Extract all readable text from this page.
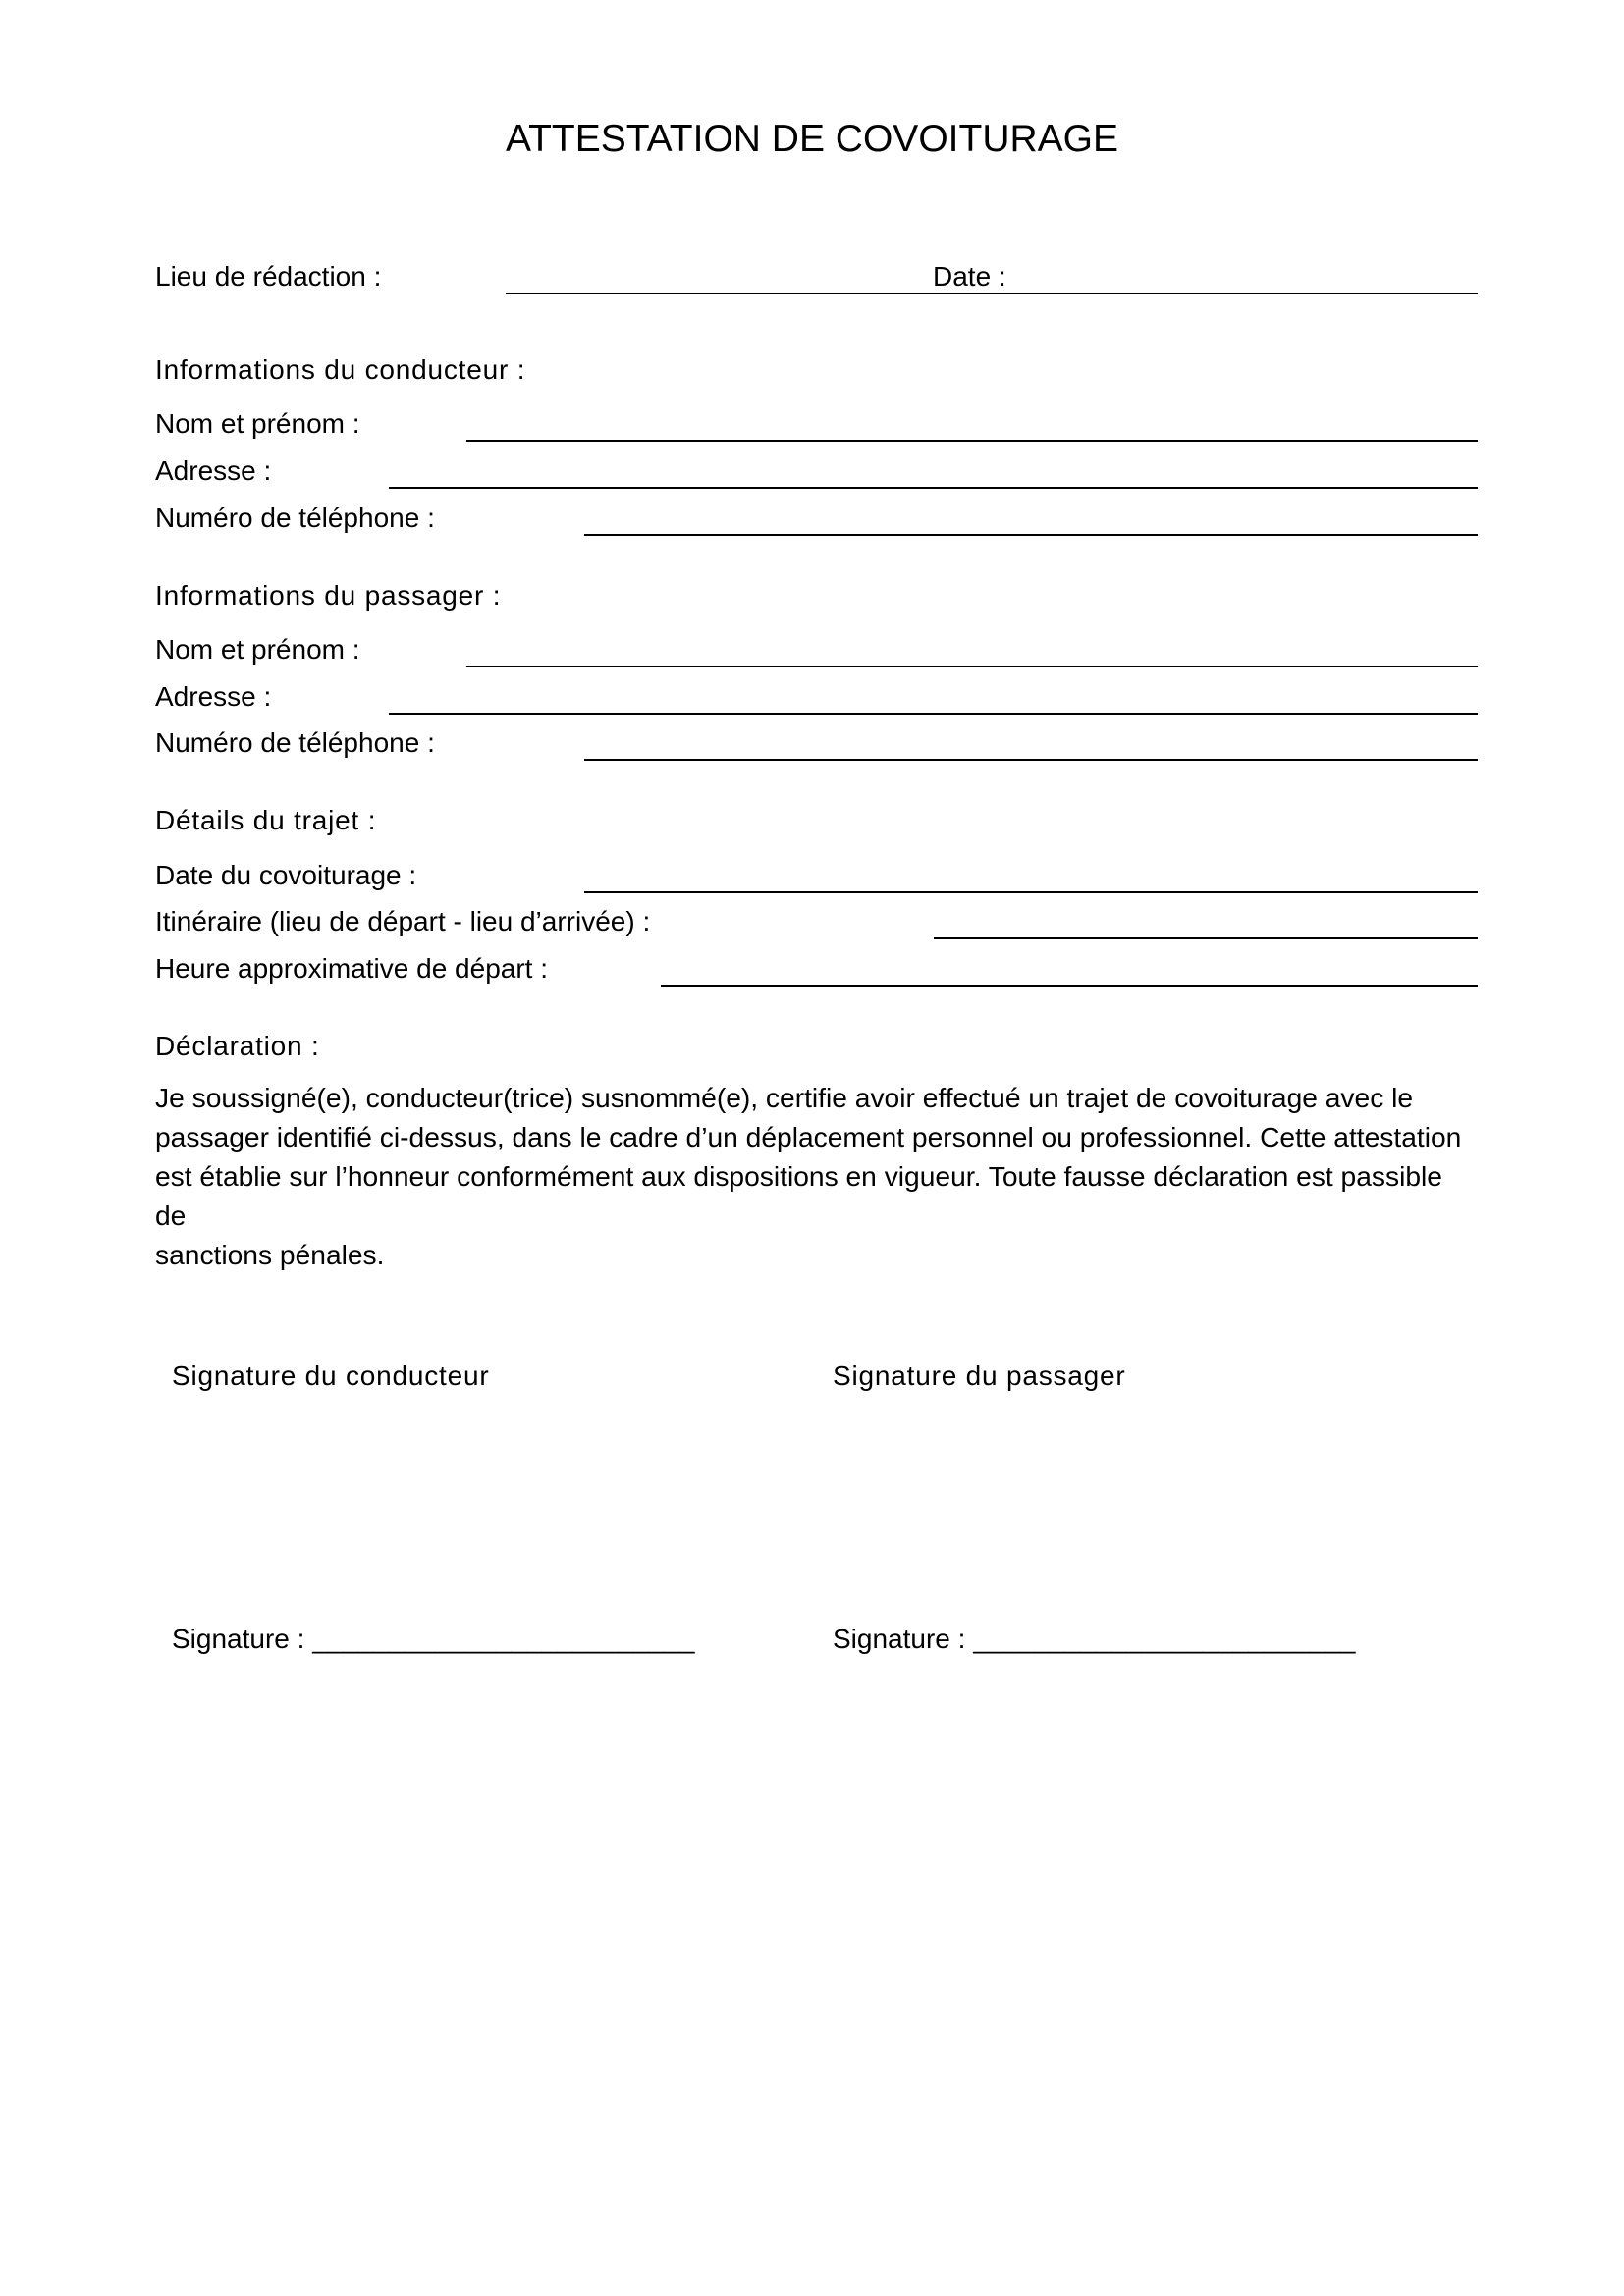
ATTESTATION DE COVOITURAGE
Lieu de rédaction :	Date :
Informations du conducteur :
Nom et prénom :
Adresse :
Numéro de téléphone :
Informations du passager :
Nom et prénom :
Adresse :
Numéro de téléphone :
Détails du trajet :
Date du covoiturage :
Itinéraire (lieu de départ - lieu d’arrivée) :
Heure approximative de départ :
Déclaration :
Je soussigné(e), conducteur(trice) susnommé(e), certifie avoir effectué un trajet de covoiturage avec le
passager identifié ci-dessus, dans le cadre d’un déplacement personnel ou professionnel. Cette attestation
est établie sur l’honneur conformément aux dispositions en vigueur. Toute fausse déclaration est passible de
sanctions pénales.
Signature du conducteur	Signature du passager
Signature : _________________________	Signature : _________________________
